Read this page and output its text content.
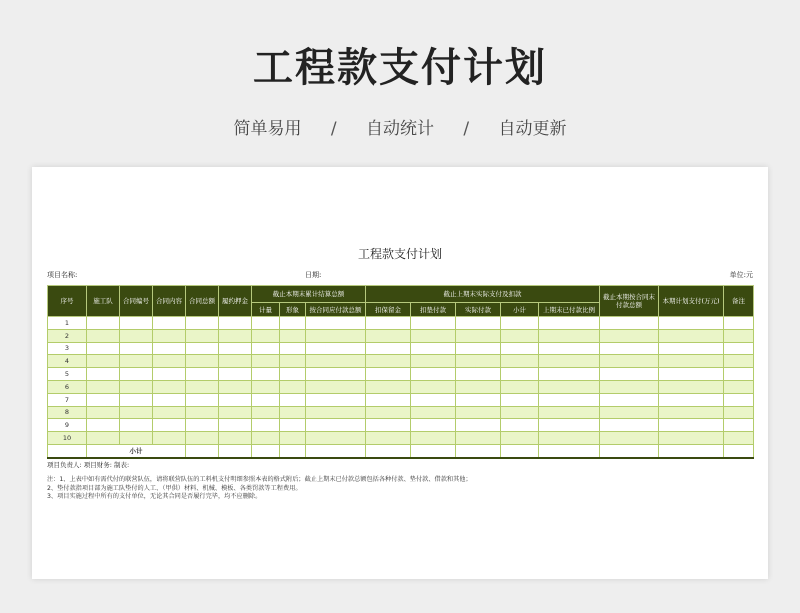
工程款支付计划
简单易用 / 自动统计 / 自动更新
工程款支付计划
项目名称:	日期:	单位:元
序号	施工队	合同编号	合同内容	合同总额	履约押金	截止本期末累计结算总额			截止上期末实际支付及扣款					截止本期按合同末付款总额	本期计划支付(万元)	备注
						计量	形象	按合同应付款总额	扣保留金	扣垫付款	实际付款	小计	上期末已付款比例			
1																
2																
3																
4																
5																
6																
7																
8																
9																
10																
	小计															
项目负责人: 项目财务: 制表:
注：1、上表中如有需代付的联营队伍，请将联营队伍的工料机支付明细参照本表的格式附后；截止上期末已付款总额包括各种付款、垫付款、借款和其他；
2、垫付款指项目部为施工队垫付的人工、（甲供）材料、机械、模板、各类罚款等工程费用。
3、项目实施过程中所有的支付单位，无论其合同是否履行完毕，均不应删除。
